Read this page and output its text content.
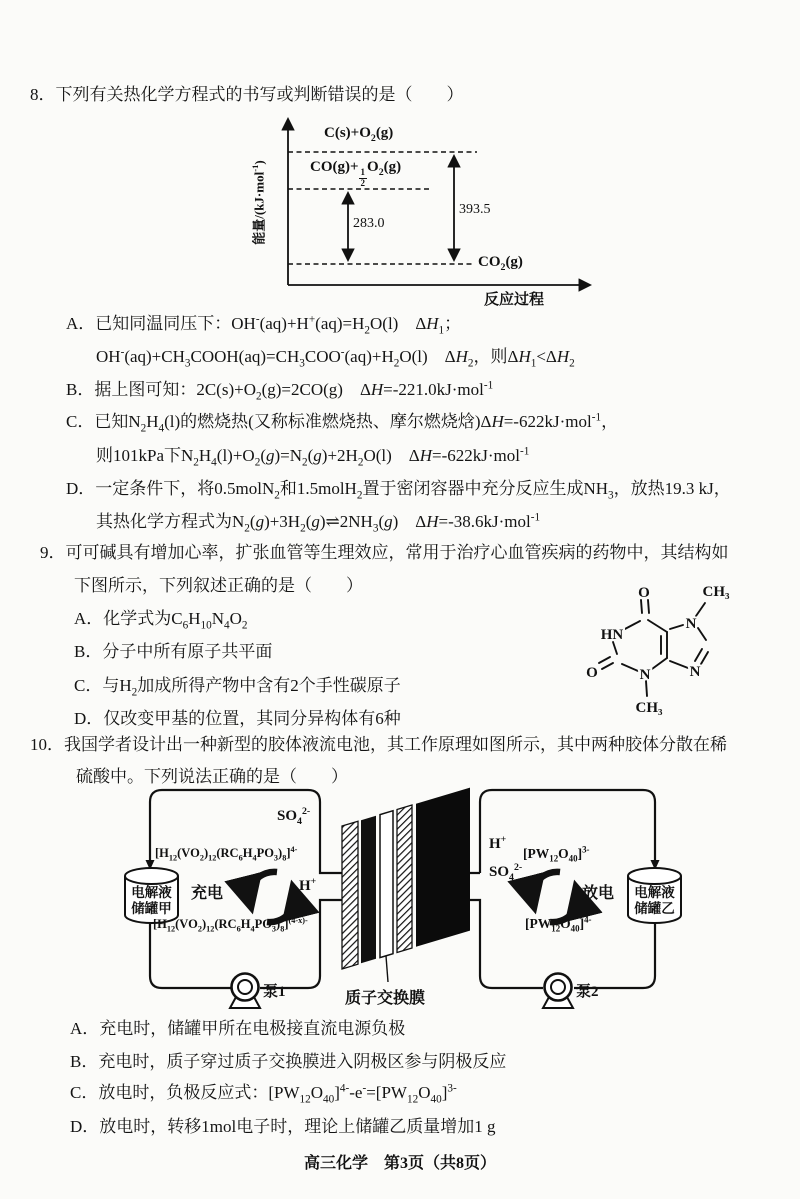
8．下列有关热化学方程式的书写或判断错误的是（　　）
能量/(kJ·mol$^{-1}$)
$C(s)+O_2(g)$
CO(g)+
$\frac{1}{2}$
$O_2(g)$
$CO_2(g)$
283.0
393.5
反应过程
A．已知同温同压下：$OH^-(aq)+H^+(aq)=H_2O(l)$　$\Delta H_1$；
$OH^-(aq)+CH_3COOH(aq)=CH_3COO^-(aq)+H_2O(l)$　$\Delta H_2$，则$\Delta H_1<\Delta H_2$
B．据上图可知：$2C(s)+O_2(g)=2CO(g)$　ΔH=-221.0kJ·mol$^{-1}$
C．已知$N_2H_4(l)$的燃烧热(又称标准燃烧热、摩尔燃烧焓)ΔH=-622kJ·mol$^{-1}$，
则101kPa下$N_2H_4(l)+O_2(g)=N_2(g)+2H_2O(l)$　ΔH=-622kJ·mol$^{-1}$
D．一定条件下，将0.5molN$_2$和1.5molH$_2$置于密闭容器中充分反应生成$NH_3$，放热19.3 kJ，
其热化学方程式为$N_2(g)+3H_2(g)\rightleftharpoons 2NH_3(g)$　ΔH=-38.6kJ·mol$^{-1}$
9．可可碱具有增加心率，扩张血管等生理效应，常用于治疗心血管疾病的药物中，其结构如
下图所示，下列叙述正确的是（　　）
A．化学式为$C_6H_{10}N_4O_2$
B．分子中所有原子共平面
C．与$H_2$加成所得产物中含有2个手性碳原子
D．仅改变甲基的位置，其同分异构体有6种
O
HN
O	N
N
N
CH₃
CH₃
10．我国学者设计出一种新型的胶体液流电池，其工作原理如图所示，其中两种胶体分散在稀
硫酸中。下列说法正确的是（　　）
电解液
储罐甲
电解液
储罐乙
$SO_4^{2-}$
$[H_{12}(VO_2)_{12}(RC_6H_4PO_3)_8]^{4-}$
充电	H+
$[H_{12}(VO_2)_{12}(RC_6H_4PO_3)_8]^{(4-x)-}$
泵1	质子交换膜
H+
$SO_4^{2-}$
$[PW_{12}O_{40}]^{3-}$
放电
$[PW_{12}O_{40}]^{4-}$
泵2
A．充电时，储罐甲所在电极接直流电源负极
B．充电时，质子穿过质子交换膜进入阴极区参与阴极反应
C．放电时，负极反应式：$[PW_{12}O_{40}]^{4-}-e^-=[PW_{12}O_{40}]^{3-}$
D．放电时，转移1mol电子时，理论上储罐乙质量增加1 g
高三化学　第3页（共8页）
